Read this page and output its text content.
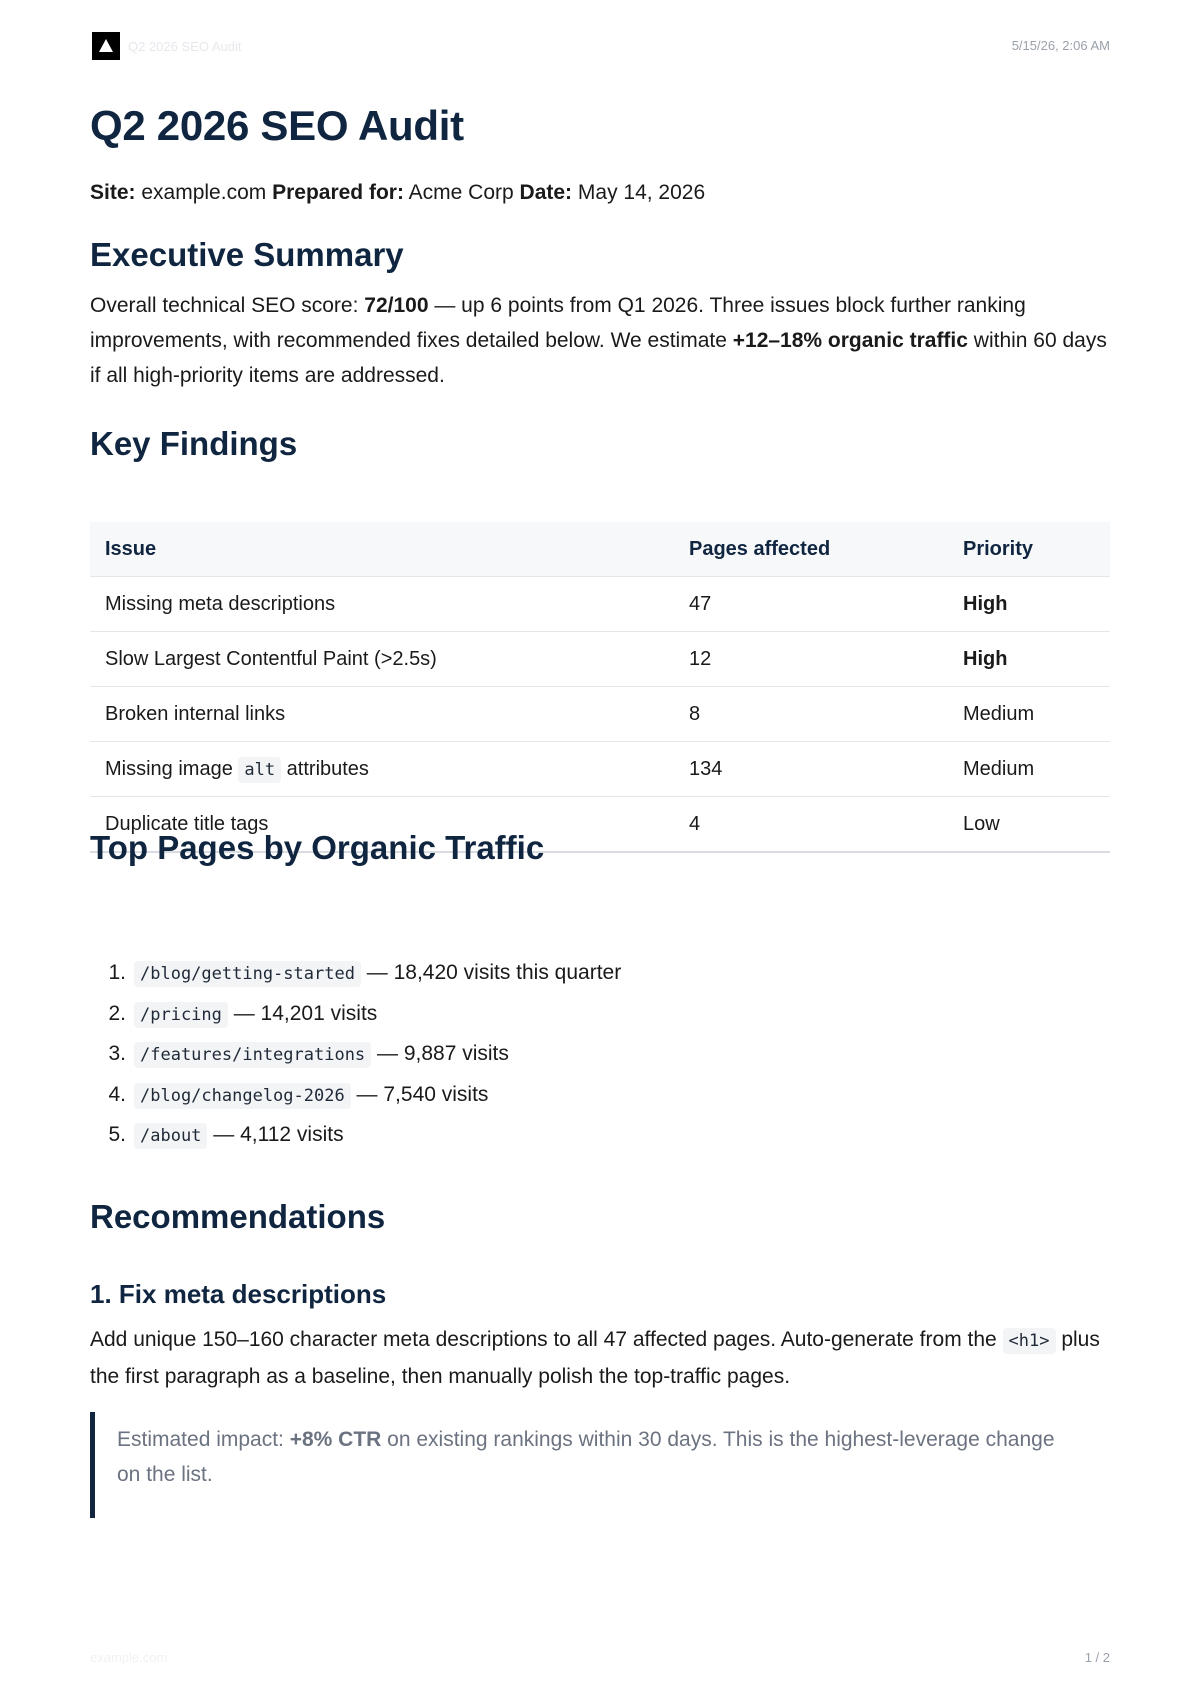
Q2 2026 SEO Audit	5/15/26, 2:06 AM
Q2 2026 SEO Audit
Site: example.com Prepared for: Acme Corp Date: May 14, 2026
Executive Summary

Overall technical SEO score: 72/100 — up 6 points from Q1 2026. Three issues block further ranking improvements, with recommended fixes detailed below. We estimate +12–18% organic traffic within 60 days if all high-priority items are addressed.

Key Findings
Issue	Pages affected	Priority
Missing meta descriptions	47	High
Slow Largest Contentful Paint (>2.5s)	12	High
Broken internal links	8	Medium
Missing image alt attributes	134	Medium
Duplicate title tags	4	Low
Top Pages by Organic Traffic
1. /blog/getting-started — 18,420 visits this quarter
2. /pricing — 14,201 visits
3. /features/integrations — 9,887 visits
4. /blog/changelog-2026 — 7,540 visits
5. /about — 4,112 visits
Recommendations
1. Fix meta descriptions

Add unique 150–160 character meta descriptions to all 47 affected pages. Auto-generate from the <h1> plus the first paragraph as a baseline, then manually polish the top-traffic pages.

Estimated impact: +8% CTR on existing rankings within 30 days. This is the highest-leverage change on the list.

example.com	1 / 2
